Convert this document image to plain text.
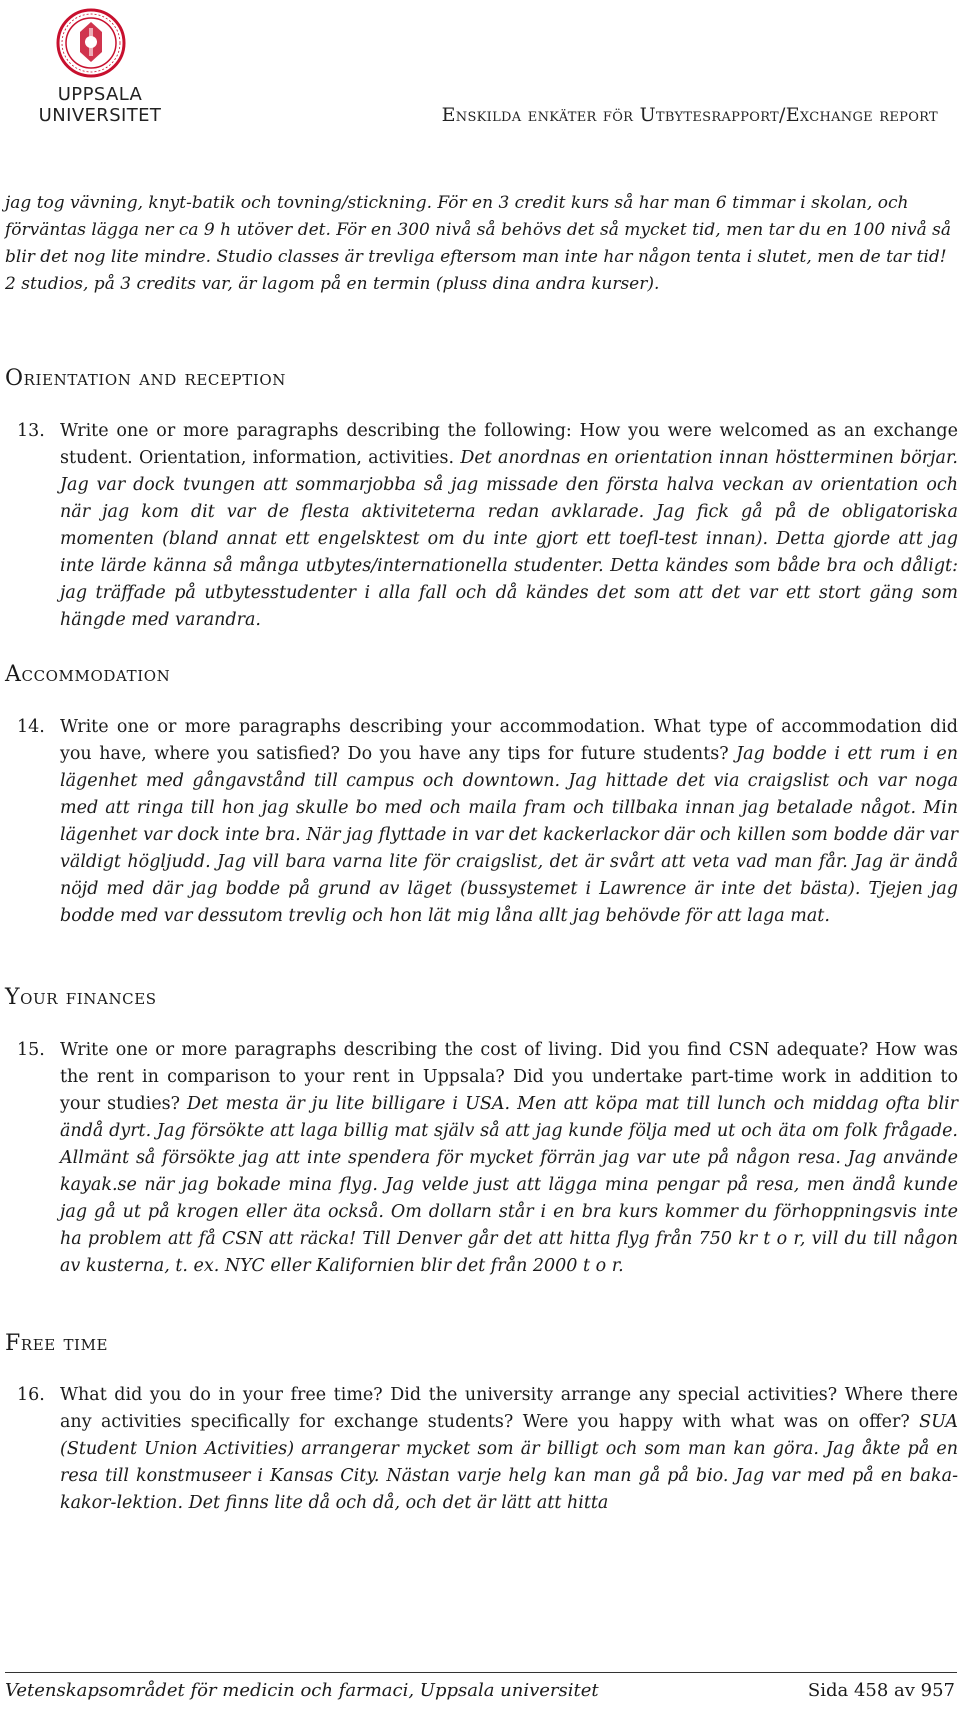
UPPSALA
UNIVERSITET	Enskilda enkäter för Utbytesrapport/Exchange report
jag tog vävning, knyt-batik och tovning/stickning. För en 3 credit kurs så har man 6 timmar i skolan, och förväntas lägga ner ca 9 h utöver det. För en 300 nivå så behövs det så mycket tid, men tar du en 100 nivå så blir det nog lite mindre. Studio classes är trevliga eftersom man inte har någon tenta i slutet, men de tar tid! 2 studios, på 3 credits var, är lagom på en termin (pluss dina andra kurser).
Orientation and reception
13. Write one or more paragraphs describing the following: How you were welcomed as an exchange student. Orientation, information, activities. Det anordnas en orientation innan höstterminen börjar. Jag var dock tvungen att sommarjobba så jag missade den första halva veckan av orientation och när jag kom dit var de flesta aktiviteterna redan avklarade. Jag fick gå på de obligatoriska momenten (bland annat ett engelsktest om du inte gjort ett toefl-test innan). Detta gjorde att jag inte lärde känna så många utbytes/internationella studenter. Detta kändes som både bra och dåligt: jag träffade på utbytesstudenter i alla fall och då kändes det som att det var ett stort gäng som hängde med varandra.
Accommodation
14. Write one or more paragraphs describing your accommodation. What type of accommodation did you have, where you satisfied? Do you have any tips for future students? Jag bodde i ett rum i en lägenhet med gångavstånd till campus och downtown. Jag hittade det via craigslist och var noga med att ringa till hon jag skulle bo med och maila fram och tillbaka innan jag betalade något. Min lägenhet var dock inte bra. När jag flyttade in var det kackerlackor där och killen som bodde där var väldigt högljudd. Jag vill bara varna lite för craigslist, det är svårt att veta vad man får. Jag är ändå nöjd med där jag bodde på grund av läget (bussystemet i Lawrence är inte det bästa). Tjejen jag bodde med var dessutom trevlig och hon lät mig låna allt jag behövde för att laga mat.
Your finances
15. Write one or more paragraphs describing the cost of living. Did you find CSN adequate? How was the rent in comparison to your rent in Uppsala? Did you undertake part-time work in addition to your studies? Det mesta är ju lite billigare i USA. Men att köpa mat till lunch och middag ofta blir ändå dyrt. Jag försökte att laga billig mat själv så att jag kunde följa med ut och äta om folk frågade. Allmänt så försökte jag att inte spendera för mycket förrän jag var ute på någon resa. Jag använde kayak.se när jag bokade mina flyg. Jag velde just att lägga mina pengar på resa, men ändå kunde jag gå ut på krogen eller äta också. Om dollarn står i en bra kurs kommer du förhoppningsvis inte ha problem att få CSN att räcka! Till Denver går det att hitta flyg från 750 kr t o r, vill du till någon av kusterna, t. ex. NYC eller Kalifornien blir det från 2000 t o r.
Free time
16. What did you do in your free time? Did the university arrange any special activities? Where there any activities specifically for exchange students? Were you happy with what was on offer? SUA (Student Union Activities) arrangerar mycket som är billigt och som man kan göra. Jag åkte på en resa till konstmuseer i Kansas City. Nästan varje helg kan man gå på bio. Jag var med på en baka-kakor-lektion. Det finns lite då och då, och det är lätt att hitta
Vetenskapsområdet för medicin och farmaci, Uppsala universitet	Sida 458 av 957
